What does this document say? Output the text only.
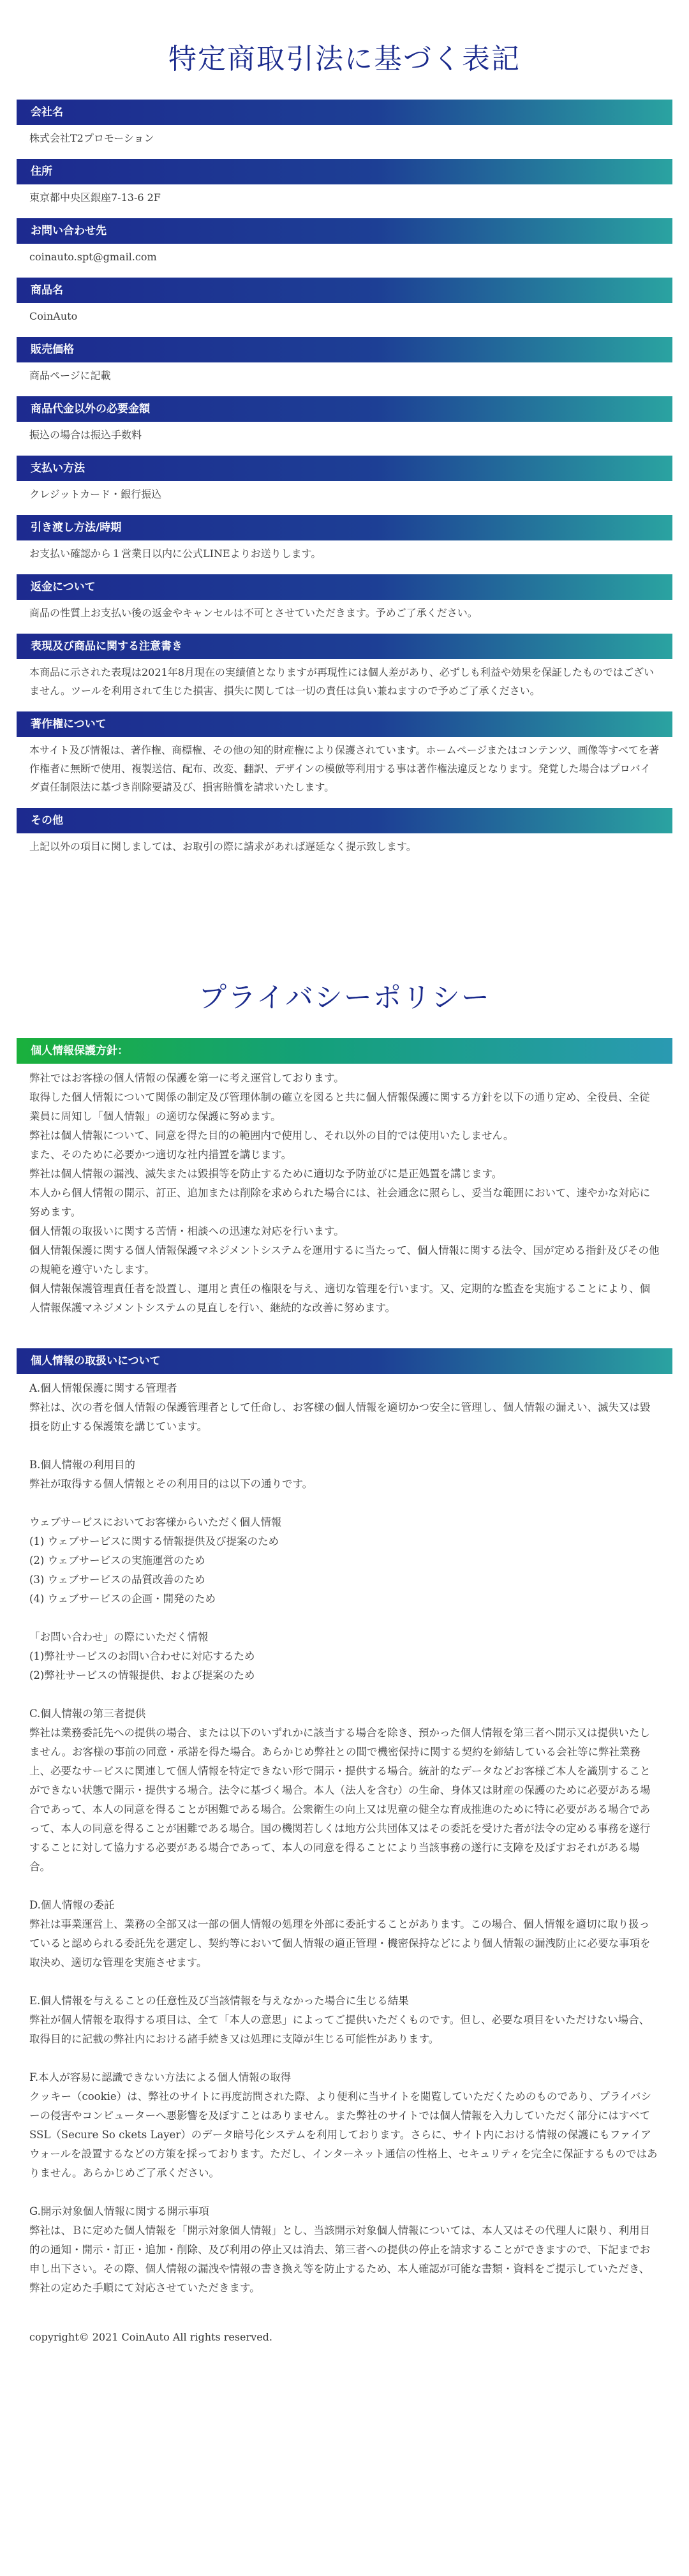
特定商取引法に基づく表記
会社名
株式会社T2プロモーション
住所
東京都中央区銀座7-13-6 2F
お問い合わせ先
coinauto.spt@gmail.com
商品名
CoinAuto
販売価格
商品ページに記載
商品代金以外の必要金額
振込の場合は振込手数料
支払い方法
クレジットカード・銀行振込
引き渡し方法/時期
お支払い確認から１営業日以内に公式LINEよりお送りします。
返金について
商品の性質上お支払い後の返金やキャンセルは不可とさせていただきます。予めご了承ください。
表現及び商品に関する注意書き
本商品に示された表現は2021年8月現在の実績値となりますが再現性には個人差があり、必ずしも利益や効果を保証したものではございません。ツールを利用されて生じた損害、損失に関しては一切の責任は負い兼ねますので予めご了承ください。
著作権について
本サイト及び情報は、著作権、商標権、その他の知的財産権により保護されています。ホームページまたはコンテンツ、画像等すべてを著作権者に無断で使用、複製送信、配布、改変、翻訳、デザインの模倣等利用する事は著作権法違反となります。発覚した場合はプロバイダ責任制限法に基づき削除要請及び、損害賠償を請求いたします。
その他
上記以外の項目に関しましては、お取引の際に請求があれば遅延なく提示致します。
プライバシーポリシー
個人情報保護方針：

弊社ではお客様の個人情報の保護を第一に考え運営しております。

取得した個人情報について関係の制定及び管理体制の確立を図ると共に個人情報保護に関する方針を以下の通り定め、全役員、全従業員に周知し「個人情報」の適切な保護に努めます。

弊社は個人情報について、同意を得た目的の範囲内で使用し、それ以外の目的では使用いたしません。

また、そのために必要かつ適切な社内措置を講じます。

弊社は個人情報の漏洩、滅失または毀損等を防止するために適切な予防並びに是正処置を講じます。

本人から個人情報の開示、訂正、追加または削除を求められた場合には、社会通念に照らし、妥当な範囲において、速やかな対応に努めます。

個人情報の取扱いに関する苦情・相談への迅速な対応を行います。

個人情報保護に関する個人情報保護マネジメントシステムを運用するに当たって、個人情報に関する法令、国が定める指針及びその他の規範を遵守いたします。

個人情報保護管理責任者を設置し、運用と責任の権限を与え、適切な管理を行います。又、定期的な監査を実施することにより、個人情報保護マネジメントシステムの見直しを行い、継続的な改善に努めます。

個人情報の取扱いについて

A.個人情報保護に関する管理者

弊社は、次の者を個人情報の保護管理者として任命し、お客様の個人情報を適切かつ安全に管理し、個人情報の漏えい、滅失又は毀損を防止する保護策を講じています。

B.個人情報の利用目的

弊社が取得する個人情報とその利用目的は以下の通りです。

ウェブサービスにおいてお客様からいただく個人情報

(1) ウェブサービスに関する情報提供及び提案のため

(2) ウェブサービスの実施運営のため

(3) ウェブサービスの品質改善のため

(4) ウェブサービスの企画・開発のため

「お問い合わせ」の際にいただく情報

(1)弊社サービスのお問い合わせに対応するため

(2)弊社サービスの情報提供、および提案のため

C.個人情報の第三者提供

弊社は業務委託先への提供の場合、または以下のいずれかに該当する場合を除き、預かった個人情報を第三者へ開示又は提供いたしません。お客様の事前の同意・承諾を得た場合。あらかじめ弊社との間で機密保持に関する契約を締結している会社等に弊社業務上、必要なサービスに関連して個人情報を特定できない形で開示・提供する場合。統計的なデータなどお客様ご本人を識別することができない状態で開示・提供する場合。法令に基づく場合。本人（法人を含む）の生命、身体又は財産の保護のために必要がある場合であって、本人の同意を得ることが困難である場合。公衆衛生の向上又は児童の健全な育成推進のために特に必要がある場合であって、本人の同意を得ることが困難である場合。国の機関若しくは地方公共団体又はその委託を受けた者が法令の定める事務を遂行することに対して協力する必要がある場合であって、本人の同意を得ることにより当該事務の遂行に支障を及ぼすおそれがある場合。

D.個人情報の委託

弊社は事業運営上、業務の全部又は一部の個人情報の処理を外部に委託することがあります。この場合、個人情報を適切に取り扱っていると認められる委託先を選定し、契約等において個人情報の適正管理・機密保持などにより個人情報の漏洩防止に必要な事項を取決め、適切な管理を実施させます。

E.個人情報を与えることの任意性及び当該情報を与えなかった場合に生じる結果

弊社が個人情報を取得する項目は、全て「本人の意思」によってご提供いただくものです。但し、必要な項目をいただけない場合、取得目的に記載の弊社内における諸手続き又は処理に支障が生じる可能性があります。

F.本人が容易に認識できない方法による個人情報の取得

クッキー（cookie）は、弊社のサイトに再度訪問された際、より便利に当サイトを閲覧していただくためのものであり、プライバシーの侵害やコンピューターへ悪影響を及ぼすことはありません。また弊社のサイトでは個人情報を入力していただく部分にはすべてSSL（Secure So ckets Layer）のデータ暗号化システムを利用しております。さらに、サイト内における情報の保護にもファイアウォールを設置するなどの方策を採っております。ただし、インターネット通信の性格上、セキュリティを完全に保証するものではありません。あらかじめご了承ください。

G.開示対象個人情報に関する開示事項

弊社は、Ｂに定めた個人情報を「開示対象個人情報」とし、当該開示対象個人情報については、本人又はその代理人に限り、利用目的の通知・開示・訂正・追加・削除、及び利用の停止又は消去、第三者への提供の停止を請求することができますので、下記までお申し出下さい。その際、個人情報の漏洩や情報の書き換え等を防止するため、本人確認が可能な書類・資料をご提示していただき、弊社の定めた手順にて対応させていただきます。

copyright© 2021 CoinAuto All rights reserved.
